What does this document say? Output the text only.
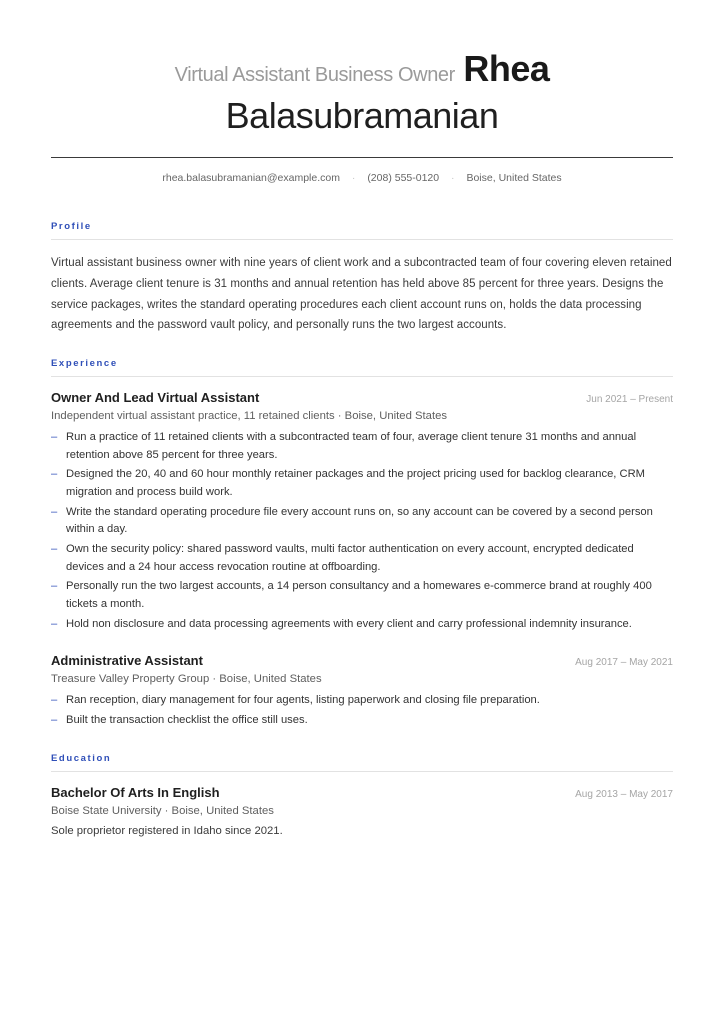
Virtual Assistant Business Owner Rhea
Balasubramanian
rhea.balasubramanian@example.com · (208) 555-0120 · Boise, United States
Profile
Virtual assistant business owner with nine years of client work and a subcontracted team of four covering eleven retained clients. Average client tenure is 31 months and annual retention has held above 85 percent for three years. Designs the service packages, writes the standard operating procedures each client account runs on, holds the data processing agreements and the password vault policy, and personally runs the two largest accounts.
Experience
Owner And Lead Virtual Assistant	Jun 2021 – Present
Independent virtual assistant practice, 11 retained clients · Boise, United States
– Run a practice of 11 retained clients with a subcontracted team of four, average client tenure 31 months and annual retention above 85 percent for three years.
– Designed the 20, 40 and 60 hour monthly retainer packages and the project pricing used for backlog clearance, CRM migration and process build work.
– Write the standard operating procedure file every account runs on, so any account can be covered by a second person within a day.
– Own the security policy: shared password vaults, multi factor authentication on every account, encrypted dedicated devices and a 24 hour access revocation routine at offboarding.
– Personally run the two largest accounts, a 14 person consultancy and a homewares e-commerce brand at roughly 400 tickets a month.
– Hold non disclosure and data processing agreements with every client and carry professional indemnity insurance.
Administrative Assistant	Aug 2017 – May 2021
Treasure Valley Property Group · Boise, United States
– Ran reception, diary management for four agents, listing paperwork and closing file preparation.
– Built the transaction checklist the office still uses.
Education
Bachelor Of Arts In English	Aug 2013 – May 2017
Boise State University · Boise, United States
Sole proprietor registered in Idaho since 2021.
